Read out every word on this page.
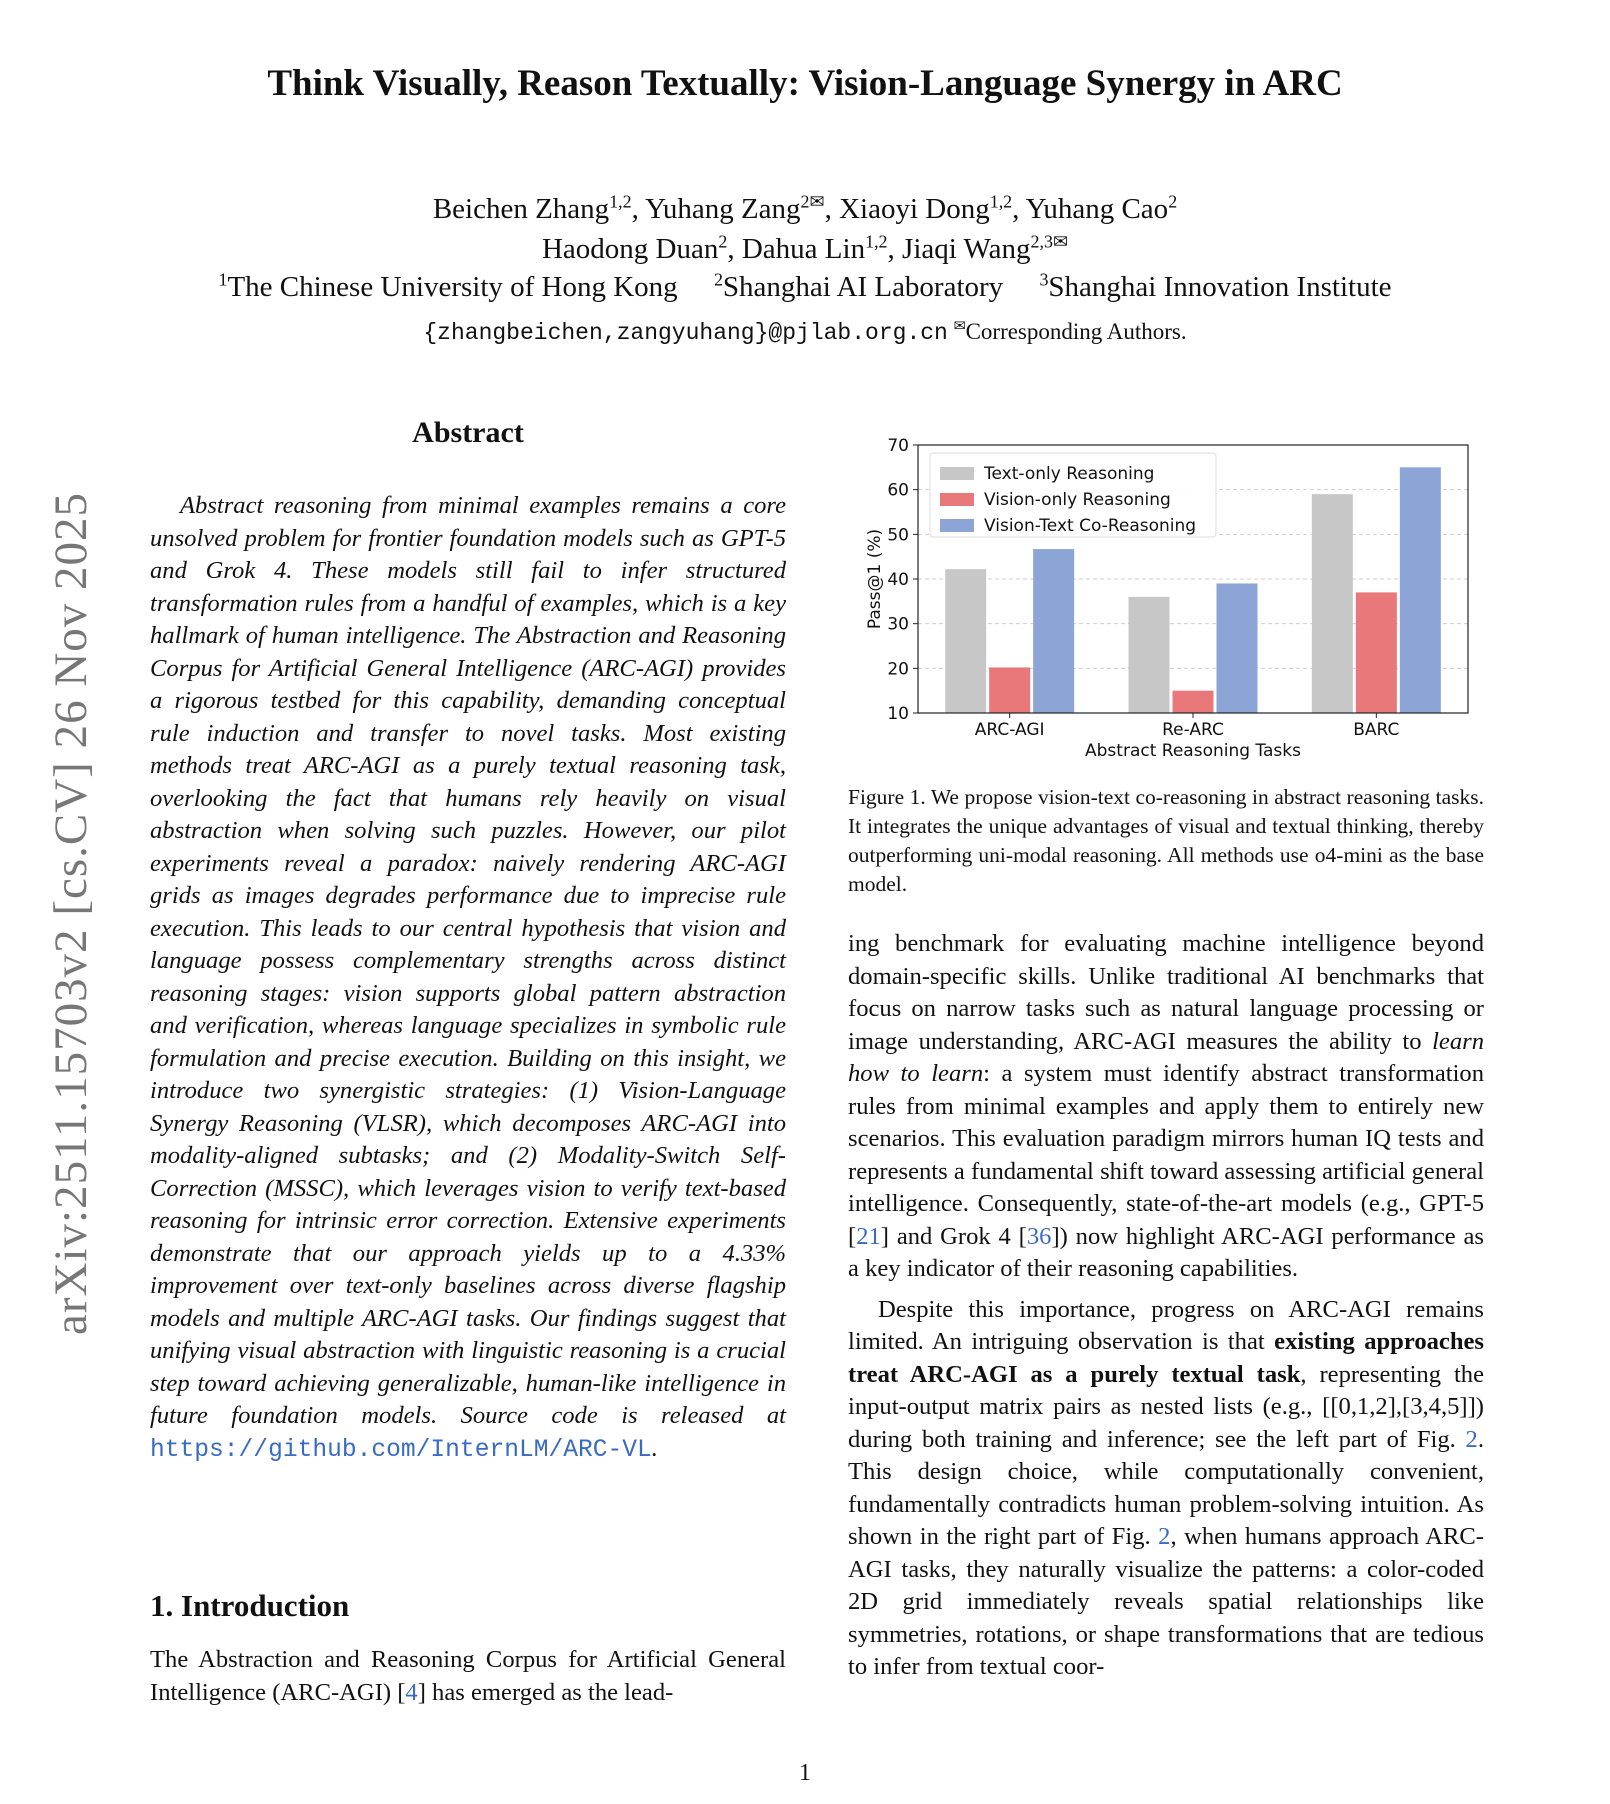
Think Visually, Reason Textually: Vision-Language Synergy in ARC
Beichen Zhang$^{1,2}$, Yuhang Zang$^{2✉}$, Xiaoyi Dong$^{1,2}$, Yuhang Cao$^2$
Haodong Duan$^2$, Dahua Lin$^{1,2}$, Jiaqi Wang$^{2,3✉}$
$^1$The Chinese University of Hong Kong $^2$Shanghai AI Laboratory $^3$Shanghai Innovation Institute
{zhangbeichen,zangyuhang}@pjlab.org.cn ✉Corresponding Authors.
arXiv:2511.15703v2 [cs.CV] 26 Nov 2025
Abstract
Abstract reasoning from minimal examples remains a core unsolved problem for frontier foundation models such as GPT-5 and Grok 4. These models still fail to infer structured transformation rules from a handful of examples, which is a key hallmark of human intelligence. The Abstraction and Reasoning Corpus for Artificial General Intelligence (ARC-AGI) provides a rigorous testbed for this capability, demanding conceptual rule induction and transfer to novel tasks. Most existing methods treat ARC-AGI as a purely textual reasoning task, overlooking the fact that humans rely heavily on visual abstraction when solving such puzzles. However, our pilot experiments reveal a paradox: naively rendering ARC-AGI grids as images degrades performance due to imprecise rule execution. This leads to our central hypothesis that vision and language possess complementary strengths across distinct reasoning stages: vision supports global pattern abstraction and verification, whereas language specializes in symbolic rule formulation and precise execution. Building on this insight, we introduce two synergistic strategies: (1) Vision-Language Synergy Reasoning (VLSR), which decomposes ARC-AGI into modality-aligned subtasks; and (2) Modality-Switch Self-Correction (MSSC), which leverages vision to verify text-based reasoning for intrinsic error correction. Extensive experiments demonstrate that our approach yields up to a 4.33% improvement over text-only baselines across diverse flagship models and multiple ARC-AGI tasks. Our findings suggest that unifying visual abstraction with linguistic reasoning is a crucial step toward achieving generalizable, human-like intelligence in future foundation models. Source code is released at https://github.com/InternLM/ARC-VL.
1. Introduction
The Abstraction and Reasoning Corpus for Artificial General Intelligence (ARC-AGI) [4] has emerged as the lead-
10
20
30
40
50
60
70
ARC-AGI	Re-ARC	BARC
Abstract Reasoning Tasks
Pass@1 (%)
Text-only Reasoning
Vision-only Reasoning
Vision-Text Co-Reasoning
Figure 1. We propose vision-text co-reasoning in abstract reasoning tasks. It integrates the unique advantages of visual and textual thinking, thereby outperforming uni-modal reasoning. All methods use o4-mini as the base model.

ing benchmark for evaluating machine intelligence beyond domain-specific skills. Unlike traditional AI benchmarks that focus on narrow tasks such as natural language processing or image understanding, ARC-AGI measures the ability to learn how to learn: a system must identify abstract transformation rules from minimal examples and apply them to entirely new scenarios. This evaluation paradigm mirrors human IQ tests and represents a fundamental shift toward assessing artificial general intelligence. Consequently, state-of-the-art models (e.g., GPT-5 [21] and Grok 4 [36]) now highlight ARC-AGI performance as a key indicator of their reasoning capabilities.

Despite this importance, progress on ARC-AGI remains limited. An intriguing observation is that existing approaches treat ARC-AGI as a purely textual task, representing the input-output matrix pairs as nested lists (e.g., [[0,1,2],[3,4,5]]) during both training and inference; see the left part of Fig. 2. This design choice, while computationally convenient, fundamentally contradicts human problem-solving intuition. As shown in the right part of Fig. 2, when humans approach ARC-AGI tasks, they naturally visualize the patterns: a color-coded 2D grid immediately reveals spatial relationships like symmetries, rotations, or shape transformations that are tedious to infer from textual coor-

1
